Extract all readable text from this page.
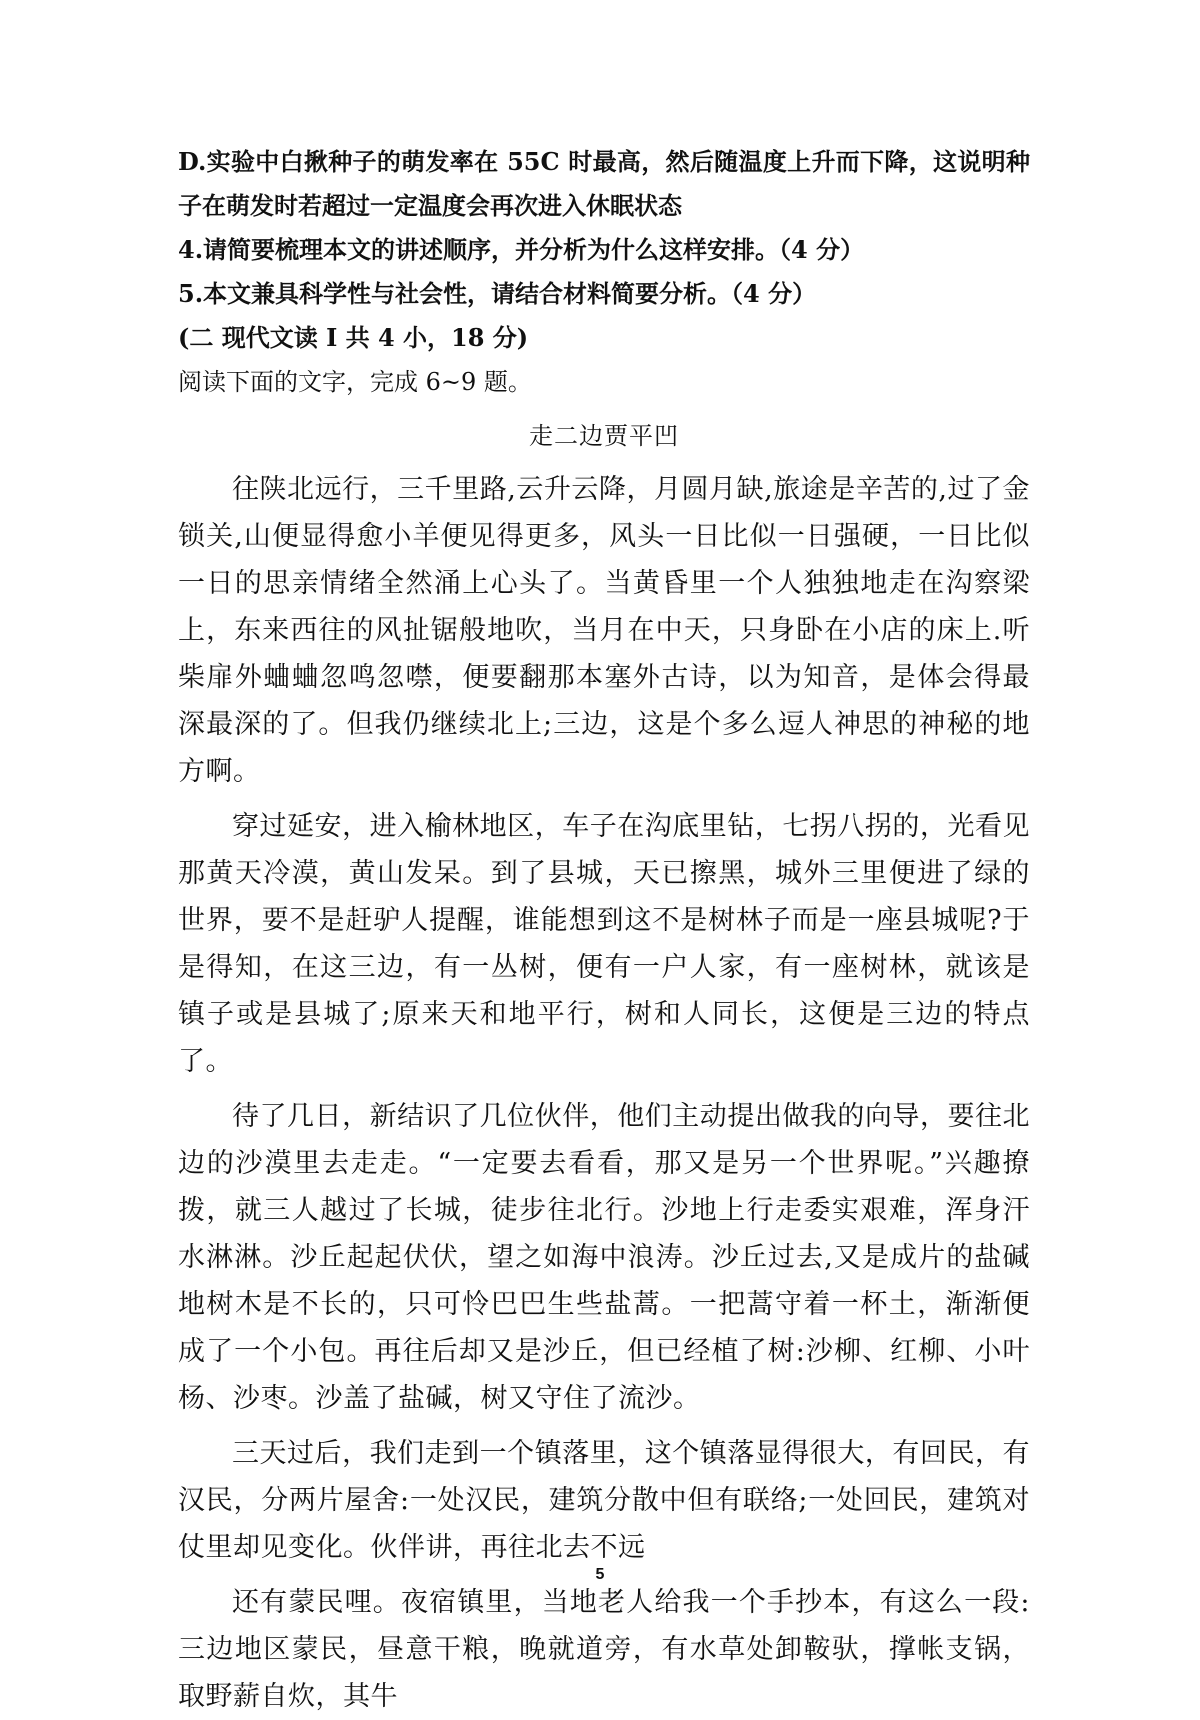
D.实验中白揪种子的萌发率在 55C 时最高，然后随温度上升而下降，这说明种子在萌发时若超过一定温度会再次进入休眠状态

4.请简要梳理本文的讲述顺序，并分析为什么这样安排。（4 分）

5.本文兼具科学性与社会性，请结合材料简要分析。（4 分）

(二 现代文读 I 共 4 小，18 分)

阅读下面的文字，完成 6~9 题。

走二边贾平凹

往陕北远行，三千里路,云升云降，月圆月缺,旅途是辛苦的,过了金锁关,山便显得愈小羊便见得更多，风头一日比似一日强硬，一日比似一日的思亲情绪全然涌上心头了。当黄昏里一个人独独地走在沟察梁上，东来西往的风扯锯般地吹，当月在中天，只身卧在小店的床上.听柴扉外蛐蛐忽鸣忽噤，便要翻那本塞外古诗，以为知音，是体会得最深最深的了。但我仍继续北上;三边，这是个多么逗人神思的神秘的地方啊。

穿过延安，进入榆林地区，车子在沟底里钻，七拐八拐的，光看见那黄天冷漠，黄山发呆。到了县城，天已擦黑，城外三里便进了绿的世界，要不是赶驴人提醒，谁能想到这不是树林子而是一座县城呢?于是得知，在这三边，有一丛树，便有一户人家，有一座树林，就该是镇子或是县城了;原来天和地平行，树和人同长，这便是三边的特点了。

待了几日，新结识了几位伙伴，他们主动提出做我的向导，要往北边的沙漠里去走走。“一定要去看看，那又是另一个世界呢。”兴趣撩拨，就三人越过了长城，徒步往北行。沙地上行走委实艰难，浑身汗水淋淋。沙丘起起伏伏，望之如海中浪涛。沙丘过去,又是成片的盐碱地树木是不长的，只可怜巴巴生些盐蒿。一把蒿守着一杯土，渐渐便成了一个小包。再往后却又是沙丘，但已经植了树:沙柳、红柳、小叶杨、沙枣。沙盖了盐碱，树又守住了流沙。

三天过后，我们走到一个镇落里，这个镇落显得很大，有回民，有汉民，分两片屋舍:一处汉民，建筑分散中但有联络;一处回民，建筑对仗里却见变化。伙伴讲，再往北去不远

还有蒙民哩。夜宿镇里，当地老人给我一个手抄本，有这么一段:三边地区蒙民，昼意干粮，晚就道旁，有水草处卸鞍驮，撑帐支锅，取野薪自炊，其牛

5
